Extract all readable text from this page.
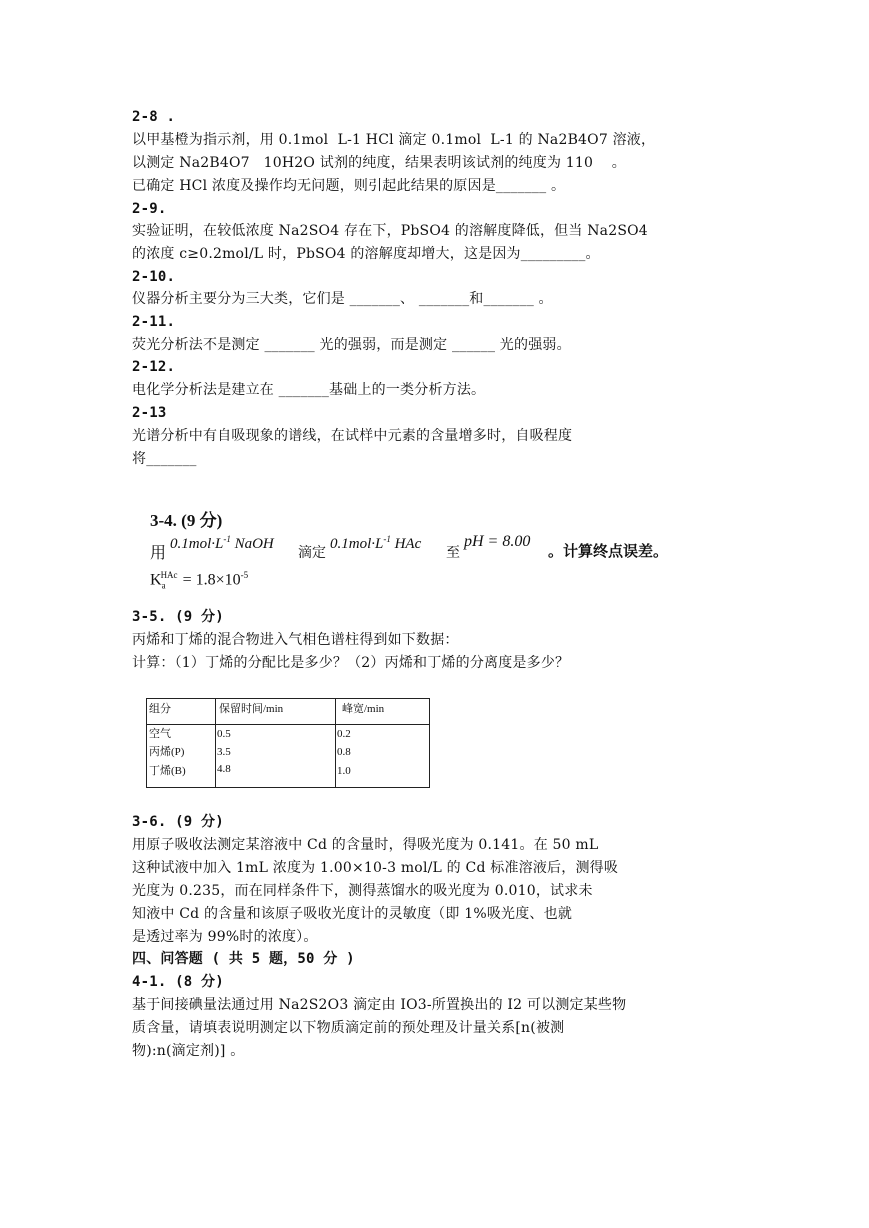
2-8 .
以甲基橙为指示剂，用 0.1mol  L-1 HCl 滴定 0.1mol  L-1 的 Na2B4O7 溶液，
以测定 Na2B4O7   10H2O 试剂的纯度，结果表明该试剂的纯度为 110    。
已确定 HCl 浓度及操作均无问题，则引起此结果的原因是_______ 。
2-9.
实验证明，在较低浓度 Na2SO4 存在下，PbSO4 的溶解度降低，但当 Na2SO4
的浓度 c≥0.2mol/L 时，PbSO4 的溶解度却增大，这是因为_________。
2-10.
仪器分析主要分为三大类，它们是 _______、 _______和_______ 。
2-11.
荧光分析法不是测定 _______ 光的强弱，而是测定 ______ 光的强弱。
2-12.
电化学分析法是建立在 _______基础上的一类分析方法。
2-13
光谱分析中有自吸现象的谱线，在试样中元素的含量增多时，自吸程度
将_______
3-4. (9 分)
用
$0.1mol\cdot L^{-1}$ NaOH
滴定
$0.1mol\cdot L^{-1}$ HAc
至
pH = 8.00
。计算终点误差。
$K_a^{HAc} = 1.8\times 10^{-5}$
3-5. (9 分)
丙烯和丁烯的混合物进入气相色谱柱得到如下数据：
计算：（1）丁烯的分配比是多少？（2）丙烯和丁烯的分离度是多少？
组分	保留时间/min	峰宽/min
空气	0.5	0.2
丙烯(P)	3.5	0.8
丁烯(B)	4.8	1.0
3-6. (9 分)
用原子吸收法测定某溶液中 Cd 的含量时，得吸光度为 0.141。在 50 mL
这种试液中加入 1mL 浓度为 1.00×10-3 mol/L 的 Cd 标准溶液后，测得吸
光度为 0.235，而在同样条件下，测得蒸馏水的吸光度为 0.010，试求未
知液中 Cd 的含量和该原子吸收光度计的灵敏度（即 1%吸光度、也就
是透过率为 99%时的浓度）。
四、问答题 ( 共 5 题，50 分 )
4-1. (8 分)
基于间接碘量法通过用 Na2S2O3 滴定由 IO3-所置换出的 I2 可以测定某些物
质含量，请填表说明测定以下物质滴定前的预处理及计量关系[n(被测
物):n(滴定剂)] 。
